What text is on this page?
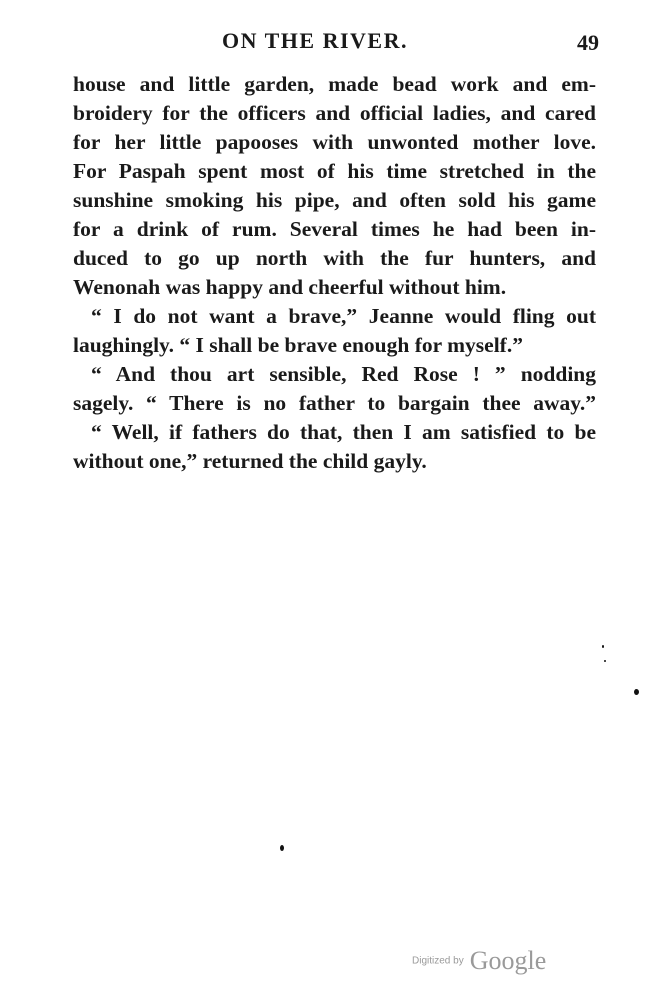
ON THE RIVER.	49
house and little garden, made bead work and em-
broidery for the officers and official ladies, and cared
for her little papooses with unwonted mother love.
For Paspah spent most of his time stretched in the
sunshine smoking his pipe, and often sold his game
for a drink of rum. Several times he had been in-
duced to go up north with the fur hunters, and
Wenonah was happy and cheerful without him.
“ I do not want a brave,” Jeanne would fling out
laughingly. “ I shall be brave enough for myself.”
“ And thou art sensible, Red Rose ! ” nodding
sagely. “ There is no father to bargain thee away.”
“ Well, if fathers do that, then I am satisfied to be
without one,” returned the child gayly.
Digitized by Google
